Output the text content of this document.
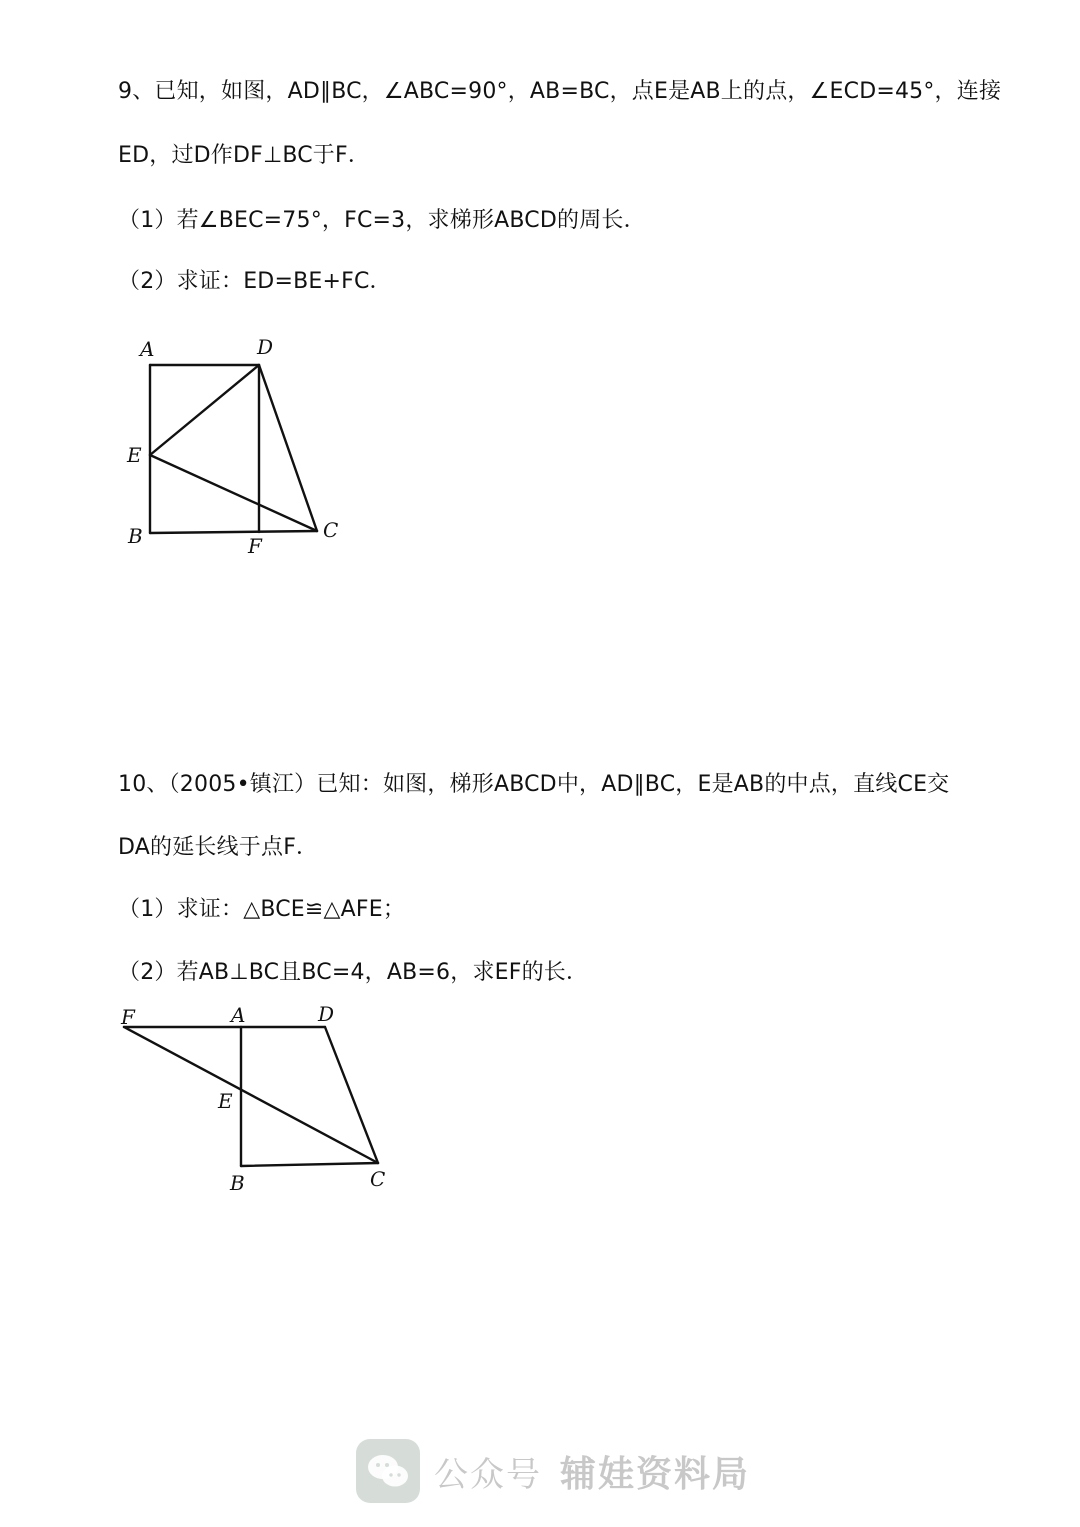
9、已知，如图，AD∥BC，∠ABC=90°，AB=BC，点E是AB上的点，∠ECD=45°，连接
ED，过D作DF⊥BC于F．
（1）若∠BEC=75°，FC=3，求梯形ABCD的周长．
（2）求证：ED=BE+FC．
A	D
E
B	F
C
10、（2005•镇江）已知：如图，梯形ABCD中，AD∥BC，E是AB的中点，直线CE交
DA的延长线于点F．
（1）求证：△BCE≌△AFE；
（2）若AB⊥BC且BC=4，AB=6，求EF的长．
F	A	D
E
B	C
公众号 辅娃资料局
